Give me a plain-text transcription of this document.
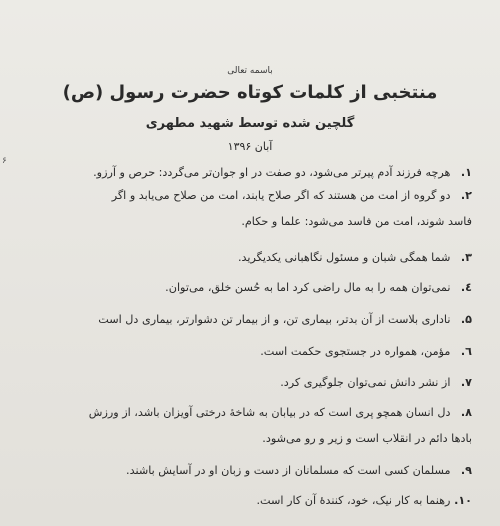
باسمه تعالی
منتخبی از کلمات کوتاه حضرت رسول (ص)
گلچین شده توسط شهید مطهری
آبان ۱۳۹۶
۶
۱. هرچه فرزند آدم پیرتر می‌شود، دو صفت در او جوان‌تر می‌گردد: حرص و آرزو.
۲. دو گروه از امت من هستند که اگر صلاح یابند، امت من صلاح می‌یابد و اگر
فاسد شوند، امت من فاسد می‌شود: علما و حکام.
۳. شما همگی شبان و مسئول نگاهبانی یکدیگرید.
٤. نمی‌توان همه را به مال راضی کرد اما به حُسن خلق، می‌توان.
۵. ناداری بلاست از آن بدتر، بیماری تن، و از بیمار تن دشوارتر، بیماری دل است
٦. مؤمن، همواره در جستجوی حکمت است.
۷. از نشر دانش نمی‌توان جلوگیری کرد.
۸. دل انسان همچو پری است که در بیابان به شاخهٔ درختی آویزان باشد، از ورزش
بادها دائم در انقلاب است و زیر و رو می‌شود.
۹. مسلمان کسی است که مسلمانان از دست و زبان او در آسایش باشند.
۱۰. رهنما به کار نیک، خود، کنندهٔ آن کار است.
